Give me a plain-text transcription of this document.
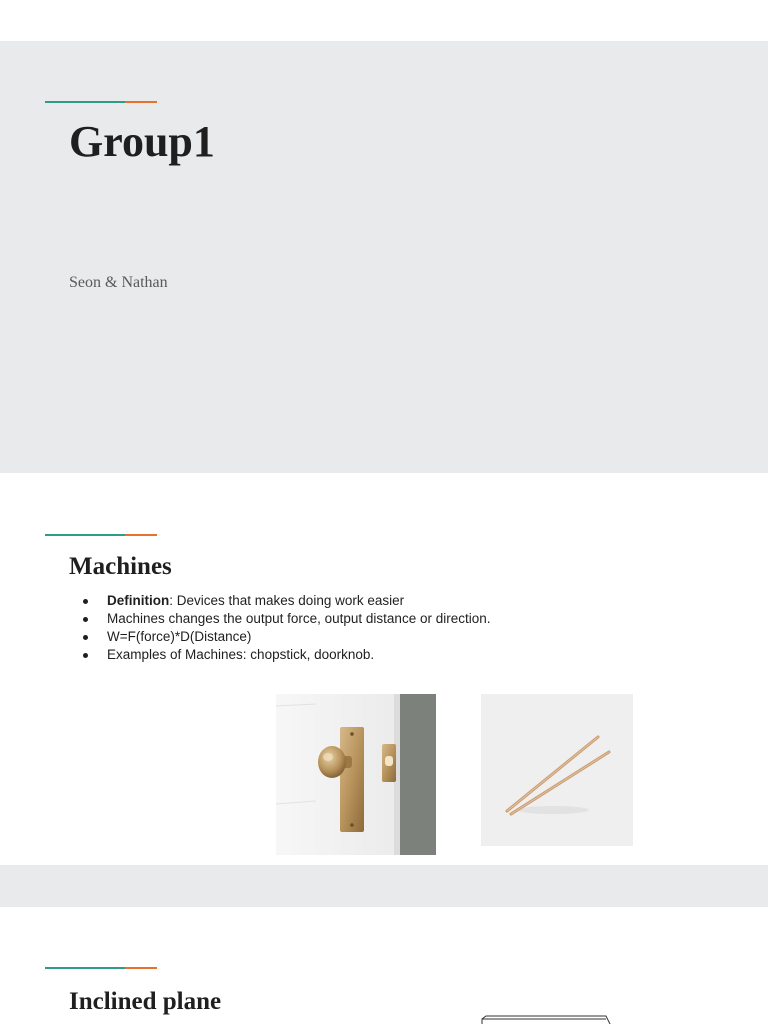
Group1

Seon & Nathan

Machines
Definition: Devices that makes doing work easier
Machines changes the output force, output distance or direction.
W=F(force)*D(Distance)
Examples of Machines: chopstick, doorknob.
Inclined plane
